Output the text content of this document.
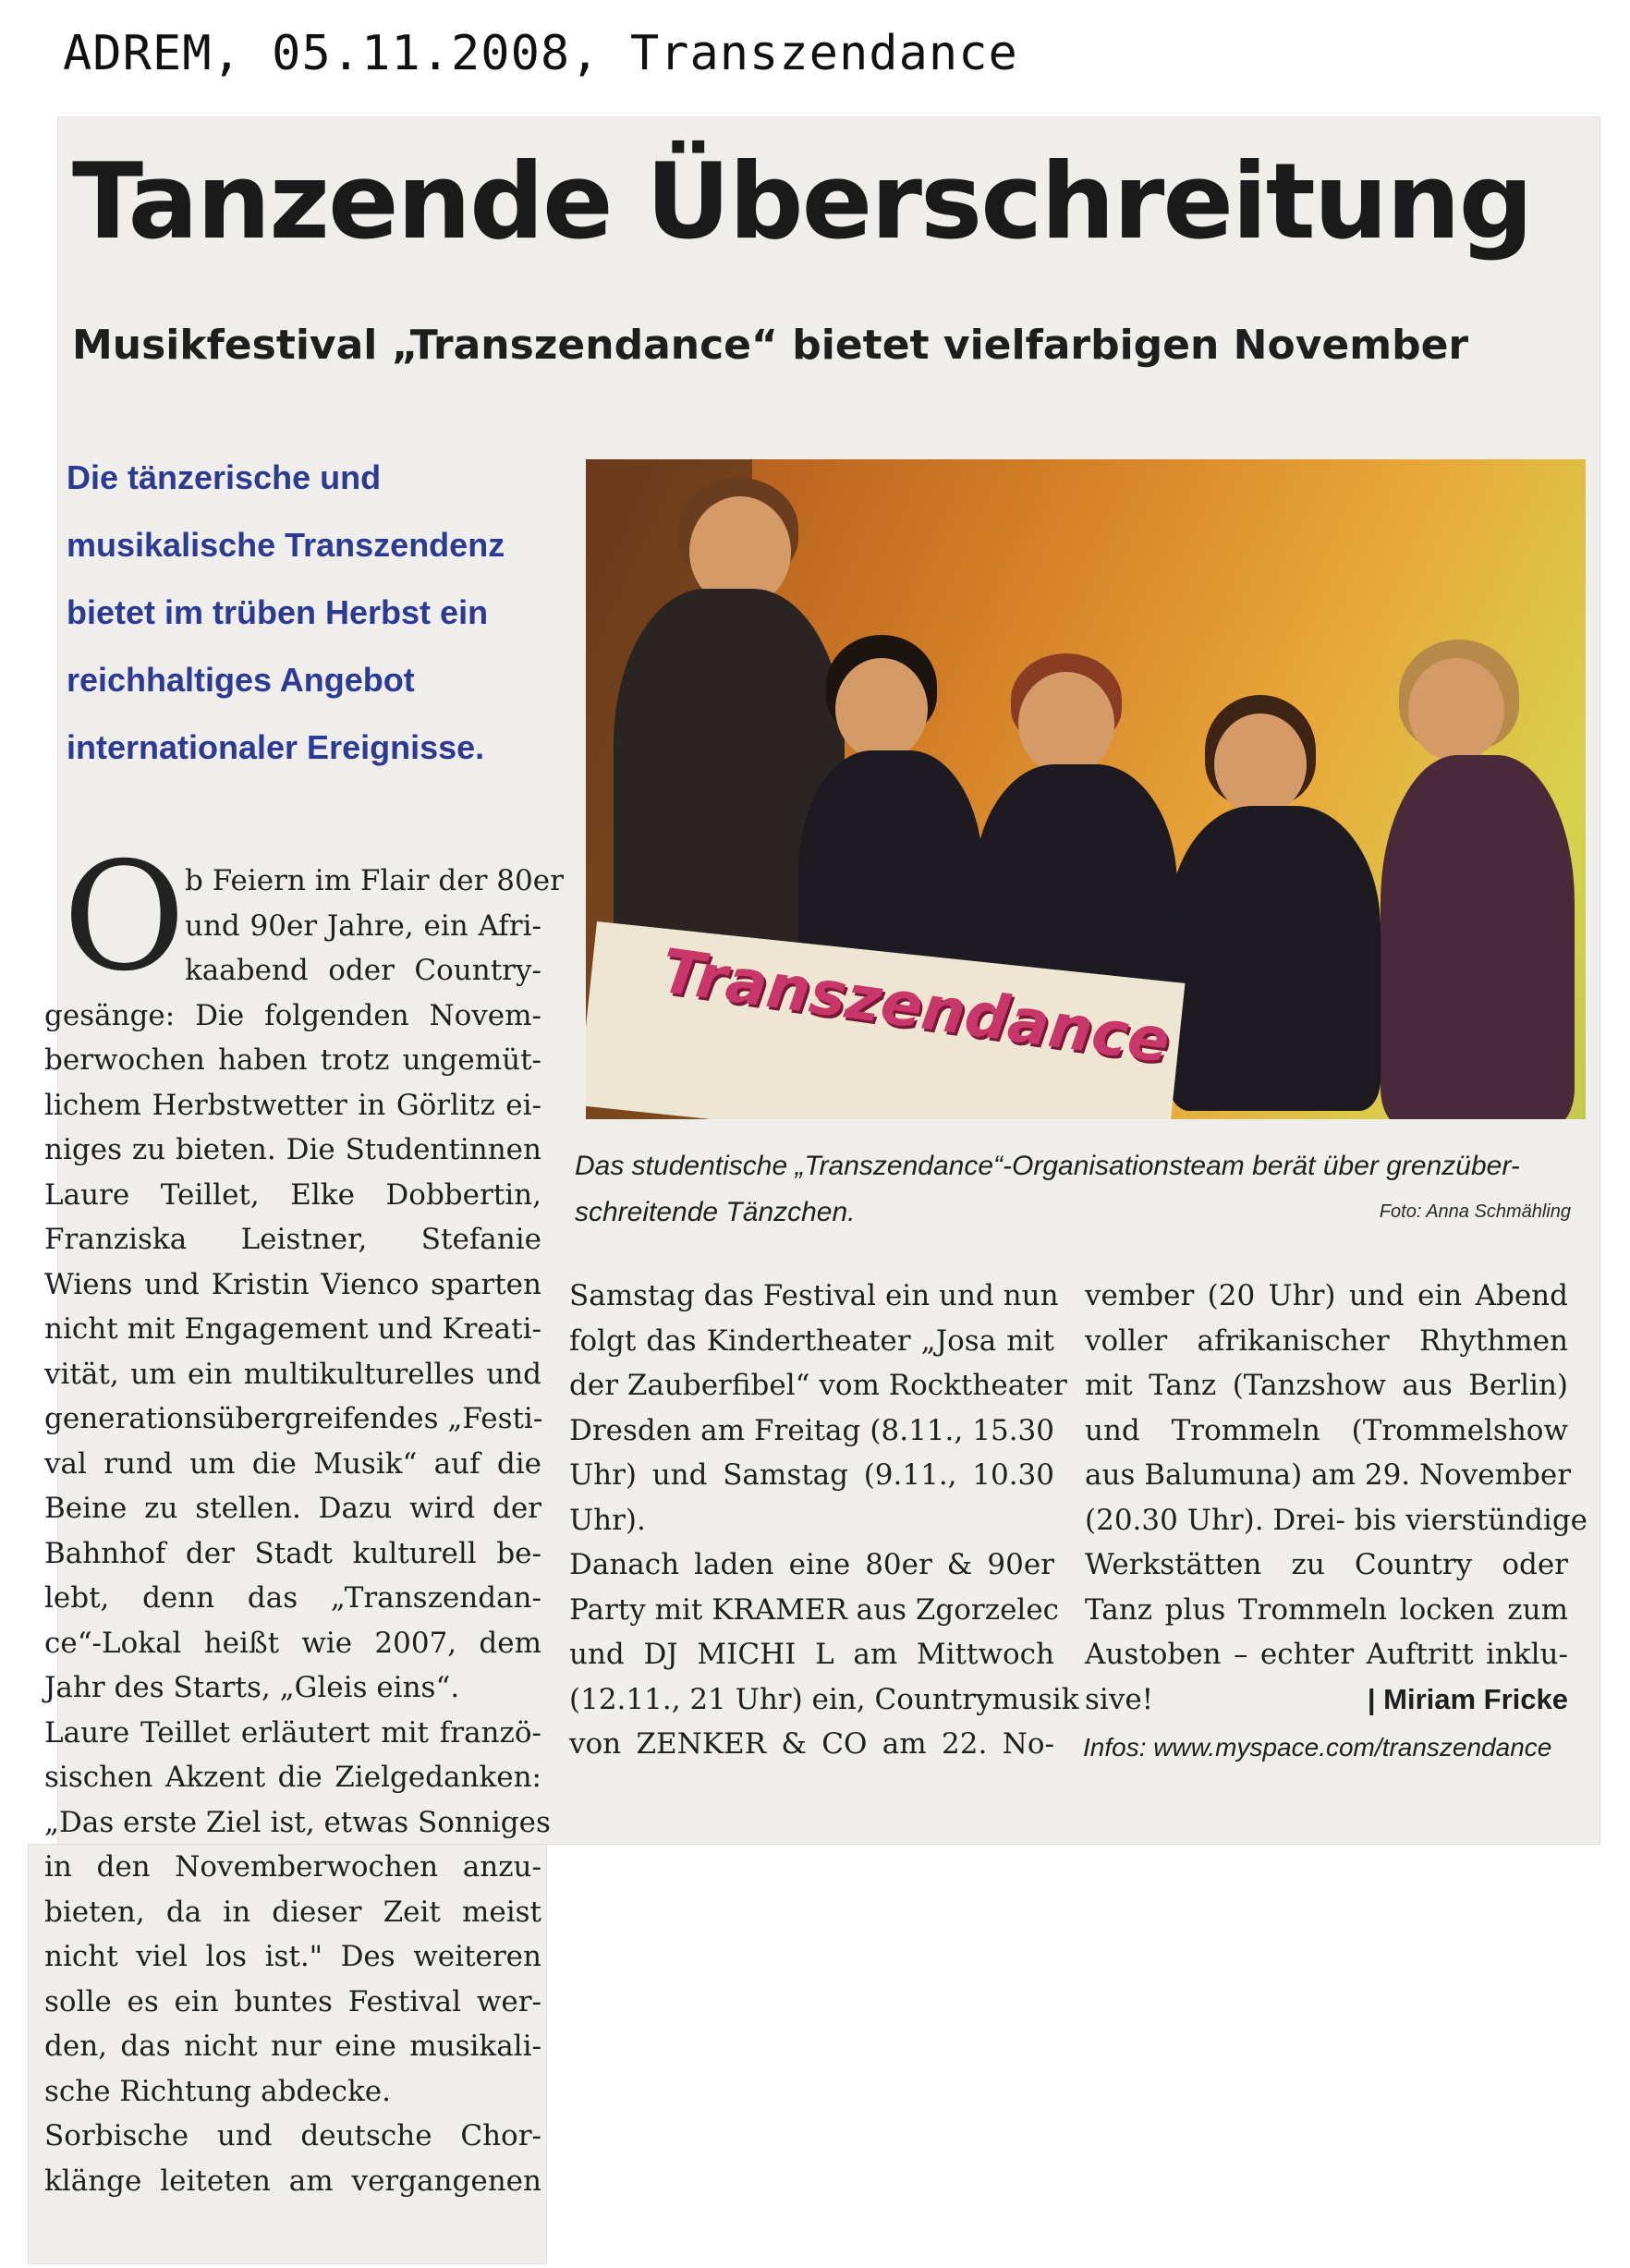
ADREM, 05.11.2008, Transzendance
Tanzende Überschreitung
Musikfestival „Transzendance“ bietet vielfarbigen November
Die tänzerische und
musikalische Transzendenz
bietet im trüben Herbst ein
reichhaltiges Angebot
internationaler Ereignisse.
Transzendance
Das studentische „Transzendance“-Organisationsteam berät über grenzüber-
schreitende Tänzchen.	Foto: Anna Schmähling
O b Feiern im Flair der 80er
und 90er Jahre, ein Afri-
kaabend oder Country-
gesänge: Die folgenden Novem-
berwochen haben trotz ungemüt-
lichem Herbstwetter in Görlitz ei-
niges zu bieten. Die Studentinnen
Laure Teillet, Elke Dobbertin,
Franziska Leistner, Stefanie
Wiens und Kristin Vienco sparten
nicht mit Engagement und Kreati-
vität, um ein multikulturelles und
generationsübergreifendes „Festi-
val rund um die Musik“ auf die
Beine zu stellen. Dazu wird der
Bahnhof der Stadt kulturell be-
lebt, denn das „Transzendan-
ce“-Lokal heißt wie 2007, dem
Jahr des Starts, „Gleis eins“.
Laure Teillet erläutert mit franzö-
sischen Akzent die Zielgedanken:
„Das erste Ziel ist, etwas Sonniges
in den Novemberwochen anzu-
bieten, da in dieser Zeit meist
nicht viel los ist." Des weiteren
solle es ein buntes Festival wer-
den, das nicht nur eine musikali-
sche Richtung abdecke.
Sorbische und deutsche Chor-
klänge leiteten am vergangenen
Samstag das Festival ein und nun
folgt das Kindertheater „Josa mit
der Zauberfibel“ vom Rocktheater
Dresden am Freitag (8.11., 15.30
Uhr) und Samstag (9.11., 10.30
Uhr).
Danach laden eine 80er & 90er
Party mit KRAMER aus Zgorzelec
und DJ MICHI L am Mittwoch
(12.11., 21 Uhr) ein, Countrymusik
von ZENKER & CO am 22. No-
vember (20 Uhr) und ein Abend
voller afrikanischer Rhythmen
mit Tanz (Tanzshow aus Berlin)
und Trommeln (Trommelshow
aus Balumuna) am 29. November
(20.30 Uhr). Drei- bis vierstündige
Werkstätten zu Country oder
Tanz plus Trommeln locken zum
Austoben – echter Auftritt inklu-
sive!	| Miriam Fricke
Infos: www.myspace.com/transzendance
